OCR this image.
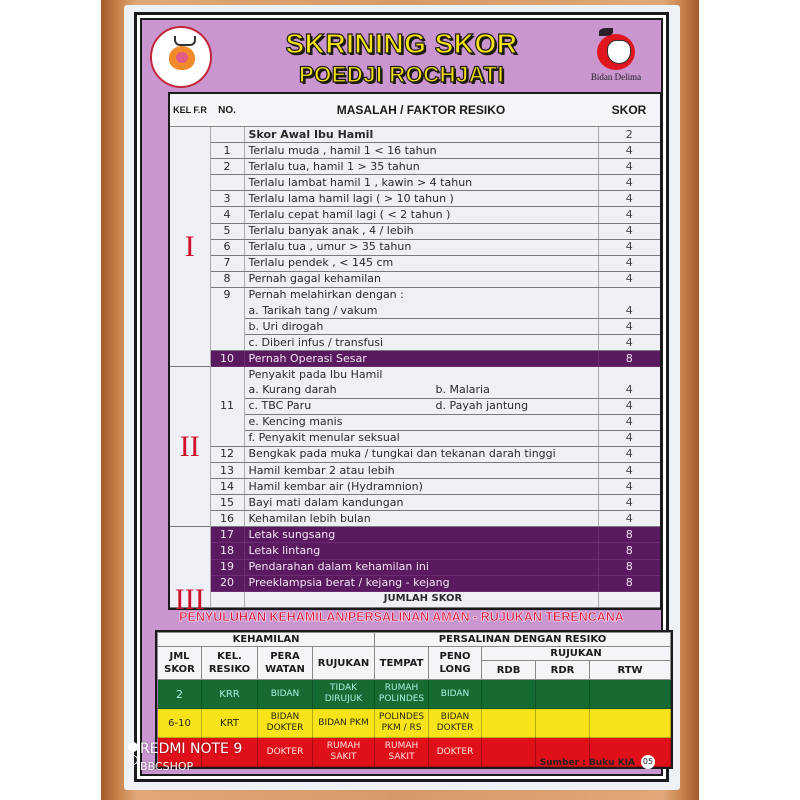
SKRINING SKOR
POEDJI ROCHJATI	Bidan Delima
KEL F.R	NO.	MASALAH / FAKTOR RESIKO	SKOR
I		Skor Awal Ibu Hamil	2
	1	Terlalu muda , hamil 1 < 16 tahun	4
	2	Terlalu tua, hamil 1 > 35 tahun	4
		Terlalu lambat hamil 1 , kawin > 4 tahun	4
	3	Terlalu lama hamil lagi ( > 10 tahun )	4
	4	Terlalu cepat hamil lagi ( < 2 tahun )	4
	5	Terlalu banyak anak , 4 / lebih	4
	6	Terlalu tua , umur > 35 tahun	4
	7	Terlalu pendek , < 145 cm	4
	8	Pernah gagal kehamilan	4
	9	Pernah melahirkan dengan :	
		a. Tarikah tang / vakum	4
		b. Uri dirogah	4
		c. Diberi infus / transfusi	4
	10	Pernah Operasi Sesar	8
II		Penyakit pada Ibu Hamil	
		a. Kurang darah b. Malaria	4
	11	c. TBC Paru d. Payah jantung	4
		e. Kencing manis	4
		f. Penyakit menular seksual	4
	12	Bengkak pada muka / tungkai dan tekanan darah tinggi	4
	13	Hamil kembar 2 atau lebih	4
	14	Hamil kembar air (Hydramnion)	4
	15	Bayi mati dalam kandungan	4
	16	Kehamilan lebih bulan	4
III	17	Letak sungsang	8
	18	Letak lintang	8
	19	Pendarahan dalam kehamilan ini	8
	20	Preeklampsia berat / kejang - kejang	8
		JUMLAH SKOR	
PENYULUHAN KEHAMILAN/PERSALINAN AMAN - RUJUKAN TERENCANA
KEHAMILAN				PERSALINAN DENGAN RESIKO				
JML SKOR	KEL. RESIKO	PERA WATAN	RUJUKAN	TEMPAT	PENO LONG	RUJUKAN		
						RDB	RDR	RTW
2	KRR	BIDAN	TIDAK DIRUJUK	RUMAH POLINDES	BIDAN			
6-10	KRT	BIDAN DOKTER	BIDAN PKM	POLINDES PKM / RS	BIDAN DOKTER			
		DOKTER	RUMAH SAKIT	RUMAH SAKIT	DOKTER			
Sumber : Buku KIA 05
REDMI NOTE 9
BBCSHOP
